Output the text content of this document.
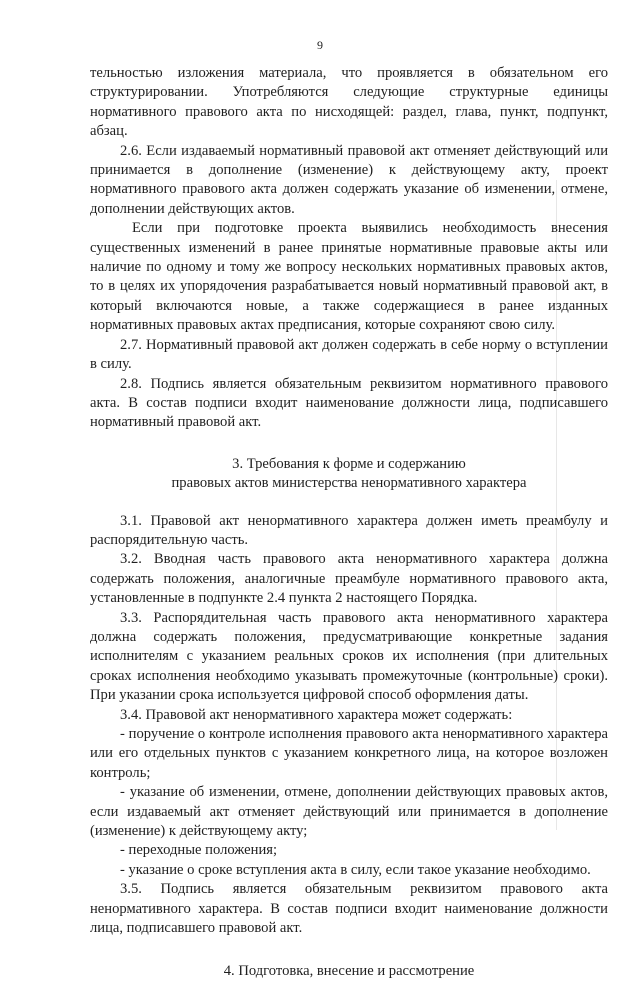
9

тельностью изложения материала, что проявляется в обязательном его структурировании. Употребляются следующие структурные единицы нормативного правового акта по нисходящей: раздел, глава, пункт, подпункт, абзац.

2.6. Если издаваемый нормативный правовой акт отменяет действующий или принимается в дополнение (изменение) к действующему акту, проект нормативного правового акта должен содержать указание об изменении, отмене, дополнении действующих актов.

Если при подготовке проекта выявились необходимость внесения существенных изменений в ранее принятые нормативные правовые акты или наличие по одному и тому же вопросу нескольких нормативных правовых актов, то в целях их упорядочения разрабатывается новый нормативный правовой акт, в который включаются новые, а также содержащиеся в ранее изданных нормативных правовых актах предписания, которые сохраняют свою силу.

2.7. Нормативный правовой акт должен содержать в себе норму о вступлении в силу.

2.8. Подпись является обязательным реквизитом нормативного правового акта. В состав подписи входит наименование должности лица, подписавшего нормативный правовой акт.

3. Требования к форме и содержанию

правовых актов министерства ненормативного характера

3.1. Правовой акт ненормативного характера должен иметь преамбулу и распорядительную часть.

3.2. Вводная часть правового акта ненормативного характера должна содержать положения, аналогичные преамбуле нормативного правового акта, установленные в подпункте 2.4 пункта 2 настоящего Порядка.

3.3. Распорядительная часть правового акта ненормативного характера должна содержать положения, предусматривающие конкретные задания исполнителям с указанием реальных сроков их исполнения (при длительных сроках исполнения необходимо указывать промежуточные (контрольные) сроки). При указании срока используется цифровой способ оформления даты.

3.4. Правовой акт ненормативного характера может содержать:

- поручение о контроле исполнения правового акта ненормативного характера или его отдельных пунктов с указанием конкретного лица, на которое возложен контроль;

- указание об изменении, отмене, дополнении действующих правовых актов, если издаваемый акт отменяет действующий или принимается в дополнение (изменение) к действующему акту;

- переходные положения;

- указание о сроке вступления акта в силу, если такое указание необходимо.

3.5. Подпись является обязательным реквизитом правового акта ненормативного характера. В состав подписи входит наименование должности лица, подписавшего правовой акт.

4. Подготовка, внесение и рассмотрение
